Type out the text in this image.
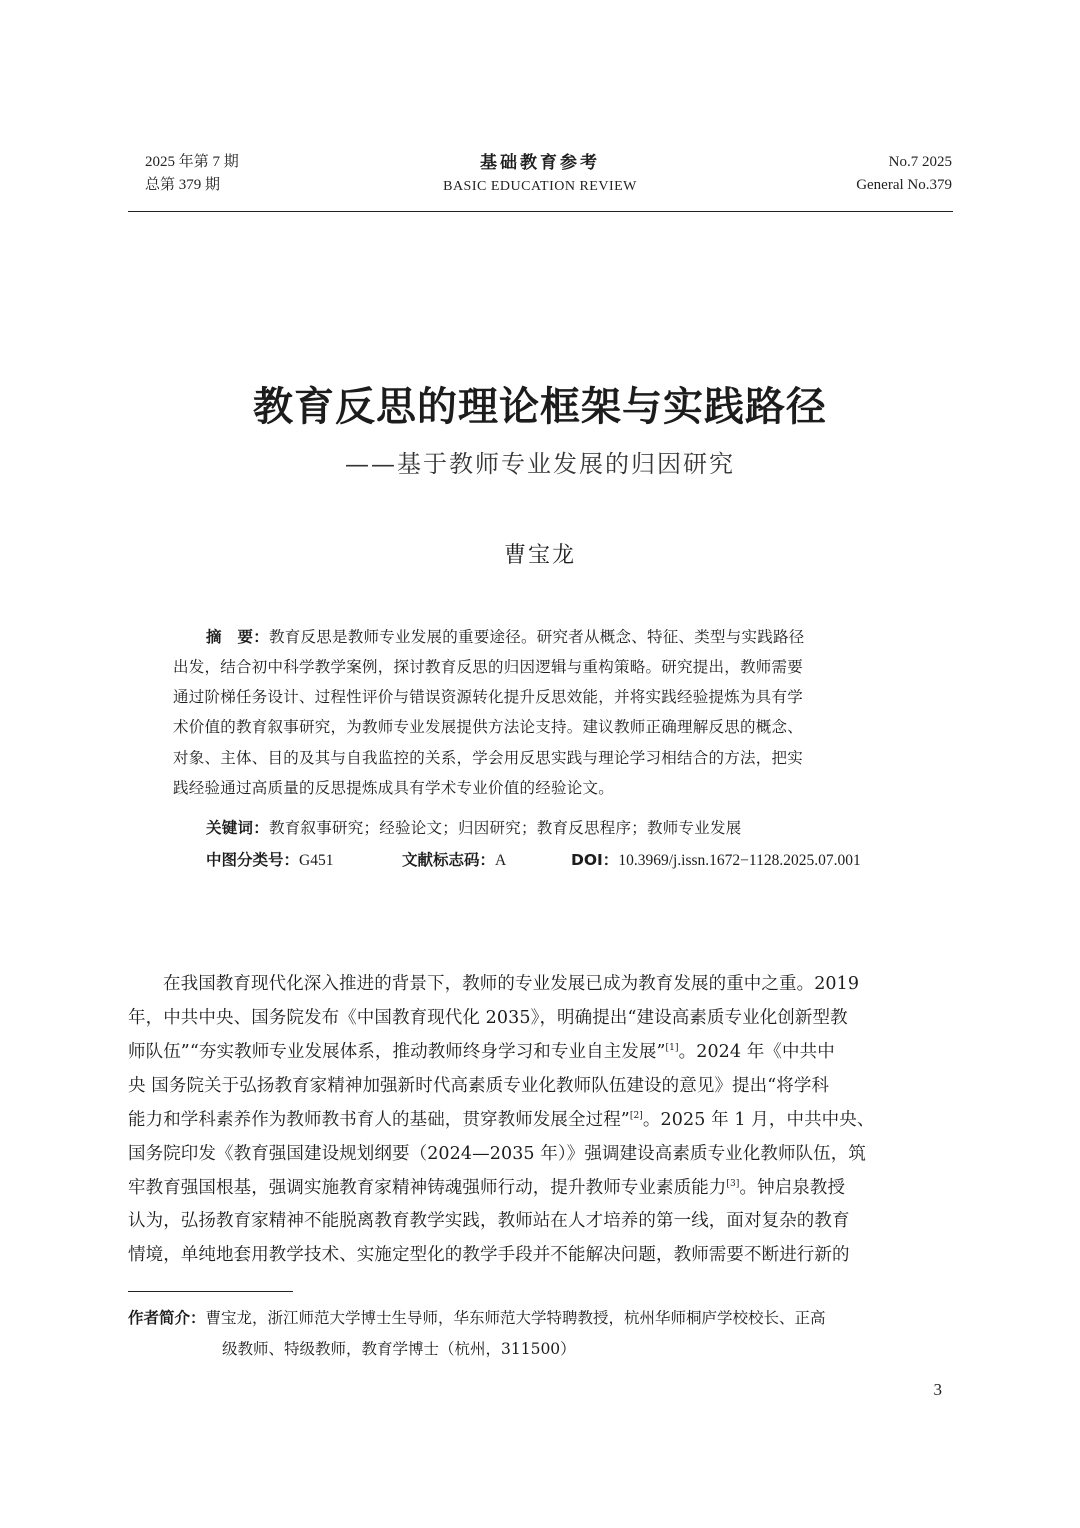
2025 年第 7 期
总第 379 期
基础教育参考
BASIC EDUCATION REVIEW
No.7 2025
General No.379
教育反思的理论框架与实践路径
——基于教师专业发展的归因研究
曹宝龙
摘　要：教育反思是教师专业发展的重要途径。研究者从概念、特征、类型与实践路径
出发，结合初中科学教学案例，探讨教育反思的归因逻辑与重构策略。研究提出，教师需要
通过阶梯任务设计、过程性评价与错误资源转化提升反思效能，并将实践经验提炼为具有学
术价值的教育叙事研究，为教师专业发展提供方法论支持。建议教师正确理解反思的概念、
对象、主体、目的及其与自我监控的关系，学会用反思实践与理论学习相结合的方法，把实
践经验通过高质量的反思提炼成具有学术专业价值的经验论文。
关键词：教育叙事研究；经验论文；归因研究；教育反思程序；教师专业发展
中图分类号：G451	文献标志码：A	DOI：10.3969/j.issn.1672−1128.2025.07.001
在我国教育现代化深入推进的背景下，教师的专业发展已成为教育发展的重中之重。2019
年，中共中央、国务院发布《中国教育现代化 2035》，明确提出“建设高素质专业化创新型教
师队伍”“夯实教师专业发展体系，推动教师终身学习和专业自主发展”[1]。2024 年《中共中
央 国务院关于弘扬教育家精神加强新时代高素质专业化教师队伍建设的意见》提出“将学科
能力和学科素养作为教师教书育人的基础，贯穿教师发展全过程”[2]。2025 年 1 月，中共中央、
国务院印发《教育强国建设规划纲要（2024—2035 年）》强调建设高素质专业化教师队伍，筑
牢教育强国根基，强调实施教育家精神铸魂强师行动，提升教师专业素质能力[3]。钟启泉教授
认为，弘扬教育家精神不能脱离教育教学实践，教师站在人才培养的第一线，面对复杂的教育
情境，单纯地套用教学技术、实施定型化的教学手段并不能解决问题，教师需要不断进行新的
作者简介：曹宝龙，浙江师范大学博士生导师，华东师范大学特聘教授，杭州华师桐庐学校校长、正高
级教师、特级教师，教育学博士（杭州，311500）
3
